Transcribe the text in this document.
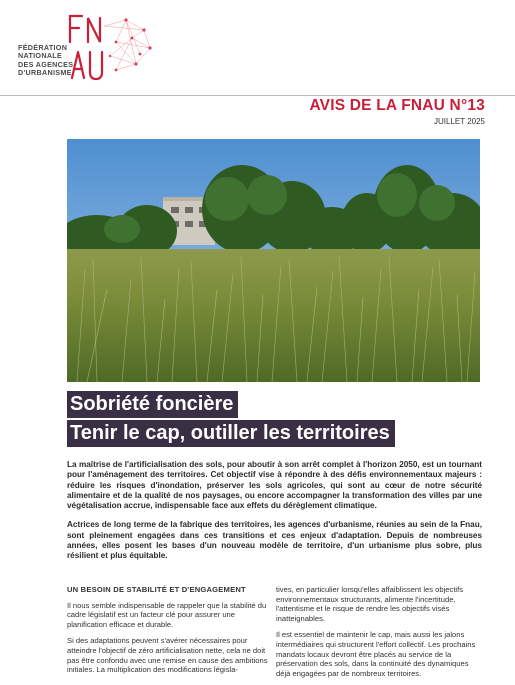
FÉDÉRATION
NATIONALE
DES AGENCES
D'URBANISME
AVIS DE LA FNAU N°13
JUILLET 2025
Sobriété foncière
Tenir le cap, outiller les territoires

La maîtrise de l'artificialisation des sols, pour aboutir à son arrêt complet à l'horizon 2050, est un tournant pour l'aménagement des territoires. Cet objectif vise à répondre à des défis environnementaux majeurs : réduire les risques d'inondation, préserver les sols agricoles, qui sont au cœur de notre sécurité alimentaire et de la qualité de nos paysages, ou encore accompagner la transformation des villes par une végétalisation accrue, indispensable face aux effets du dérèglement climatique.

Actrices de long terme de la fabrique des territoires, les agences d'urbanisme, réunies au sein de la Fnau, sont pleinement engagées dans ces transitions et ces enjeux d'adaptation. Depuis de nombreuses années, elles posent les bases d'un nouveau modèle de territoire, d'un urbanisme plus sobre, plus résilient et plus équitable.

UN BESOIN DE STABILITÉ ET D'ENGAGEMENT

Il nous semble indispensable de rappeler que la stabilité du cadre législatif est un facteur clé pour assurer une planification efficace et durable.

Si des adaptations peuvent s'avérer nécessaires pour atteindre l'objectif de zéro artificialisation nette, cela ne doit pas être confondu avec une remise en cause des ambitions initiales. La multiplication des modifications législa-

tives, en particulier lorsqu'elles affaiblissent les objectifs environnementaux structurants, alimente l'incertitude, l'attentisme et le risque de rendre les objectifs visés inatteignables.

Il est essentiel de maintenir le cap, mais aussi les jalons intermédiaires qui structurent l'effort collectif. Les prochains mandats locaux devront être placés au service de la préservation des sols, dans la continuité des dynamiques déjà engagées par de nombreux territoires.
